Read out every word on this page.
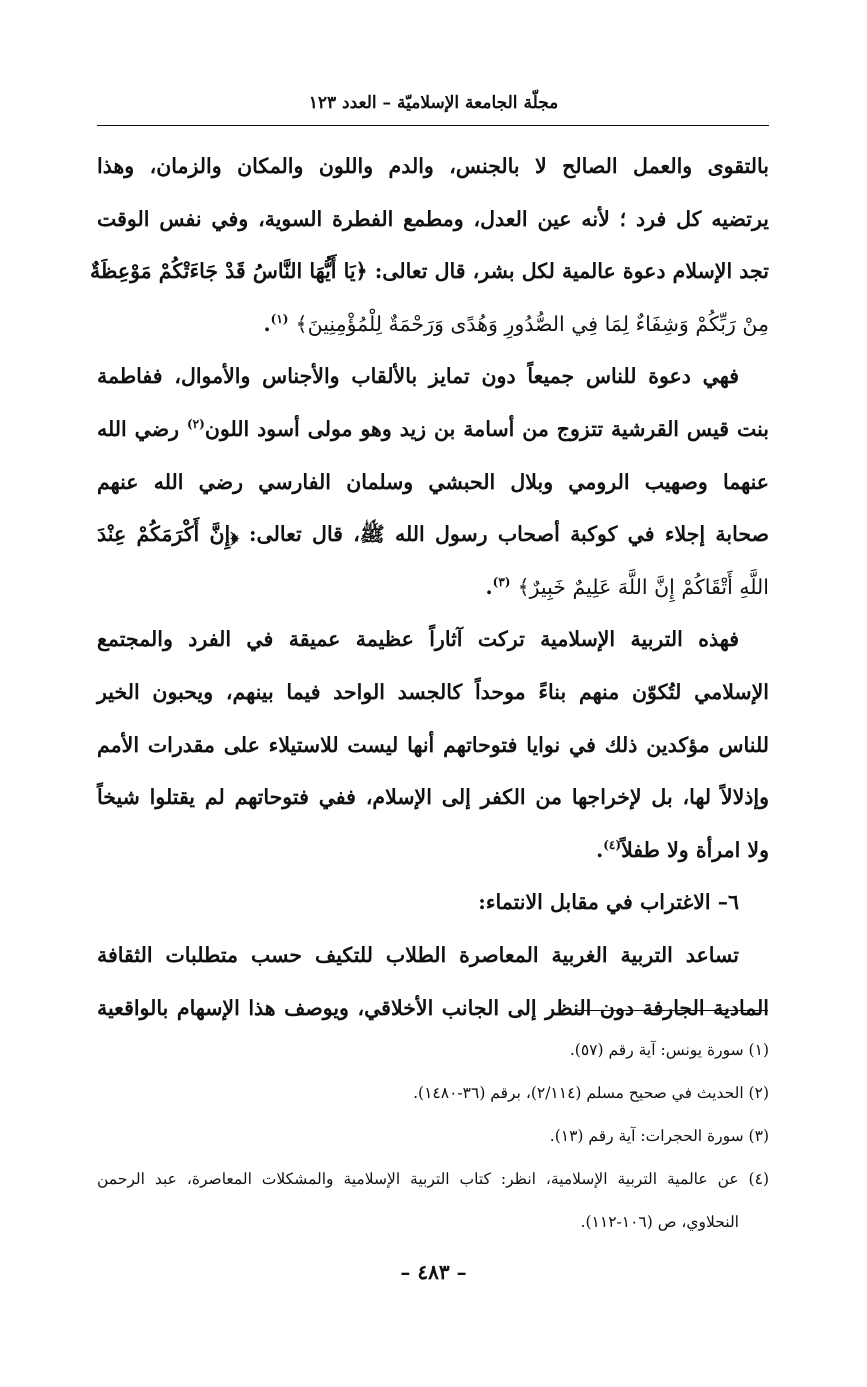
مجلّة الجامعة الإسلاميّة – العدد ١٢٣
بالتقوى والعمل الصالح لا بالجنس، والدم واللون والمكان والزمان، وهذا
يرتضيه كل فرد ؛ لأنه عين العدل، ومطمع الفطرة السوية، وفي نفس الوقت
تجد الإسلام دعوة عالمية لكل بشر، قال تعالى: ﴿يَا أَيُّهَا النَّاسُ قَدْ جَاءَتْكُمْ مَوْعِظَةٌ
مِنْ رَبِّكُمْ وَشِفَاءٌ لِمَا فِي الصُّدُورِ وَهُدًى وَرَحْمَةٌ لِلْمُؤْمِنِينَ﴾ $^{(١)}$.
فهي دعوة للناس جميعاً دون تمايز بالألقاب والأجناس والأموال، ففاطمة
بنت قيس القرشية تتزوج من أسامة بن زيد وهو مولى أسود اللون$^{(٢)}$ رضي الله
عنهما وصهيب الرومي وبلال الحبشي وسلمان الفارسي رضي الله عنهم
صحابة إجلاء في كوكبة أصحاب رسول الله ﷺ، قال تعالى: ﴿إِنَّ أَكْرَمَكُمْ عِنْدَ
اللَّهِ أَتْقَاكُمْ إِنَّ اللَّهَ عَلِيمٌ خَبِيرٌ﴾ $^{(٣)}$.
فهذه التربية الإسلامية تركت آثاراً عظيمة عميقة في الفرد والمجتمع
الإسلامي لتُكوّن منهم بناءً موحداً كالجسد الواحد فيما بينهم، ويحبون الخير
للناس مؤكدين ذلك في نوايا فتوحاتهم أنها ليست للاستيلاء على مقدرات الأمم
وإذلالاً لها، بل لإخراجها من الكفر إلى الإسلام، ففي فتوحاتهم لم يقتلوا شيخاً
ولا امرأة ولا طفلاً$^{(٤)}$.
٦– الاغتراب في مقابل الانتماء:
تساعد التربية الغربية المعاصرة الطلاب للتكيف حسب متطلبات الثقافة
المادية الجارفة دون النظر إلى الجانب الأخلاقي، ويوصف هذا الإسهام بالواقعية
(١) سورة يونس: آية رقم (٥٧).
(٢) الحديث في صحيح مسلم (٢/١١٤)، برقم (٣٦-١٤٨٠).
(٣) سورة الحجرات: آية رقم (١٣).
(٤) عن عالمية التربية الإسلامية، انظر: كتاب التربية الإسلامية والمشكلات المعاصرة، عبد الرحمن
النحلاوي، ص (١٠٦-١١٢).
– ٤٨٣ –
